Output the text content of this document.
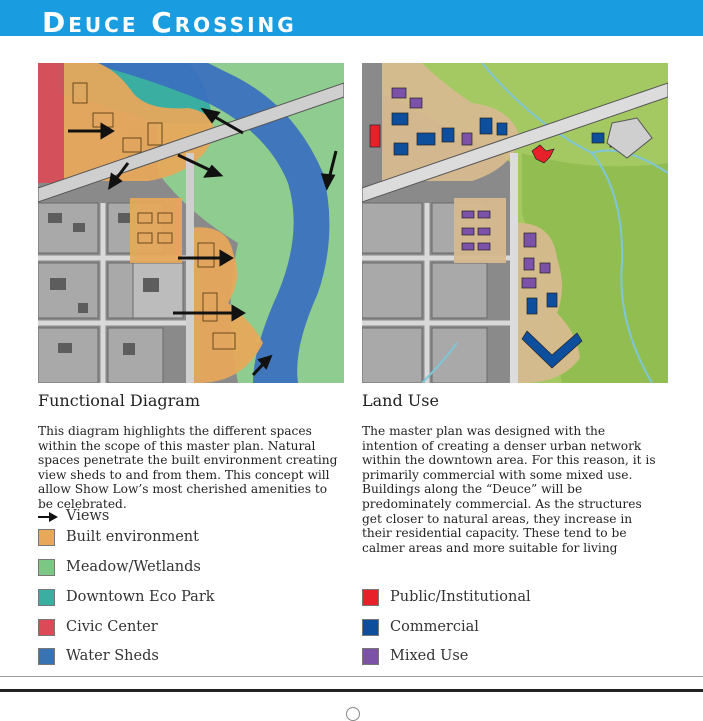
Deuce Crossing
Functional Diagram
This diagram highlights the different spaces within the scope of this master plan. Natural spaces penetrate the built environment creating view sheds to and from them. This concept will allow Show Low’s most cherished amenities to be celebrated.
Views
Built environment
Meadow/Wetlands
Downtown Eco Park
Civic Center
Water Sheds
Land Use
The master plan was designed with the intention of creating a denser urban network within the downtown area. For this reason, it is primarily commercial with some mixed use. Buildings along the “Deuce” will be predominately commercial. As the structures get closer to natural areas, they increase in their residential capacity. These tend to be calmer areas and more suitable for living
Public/Institutional
Commercial
Mixed Use
